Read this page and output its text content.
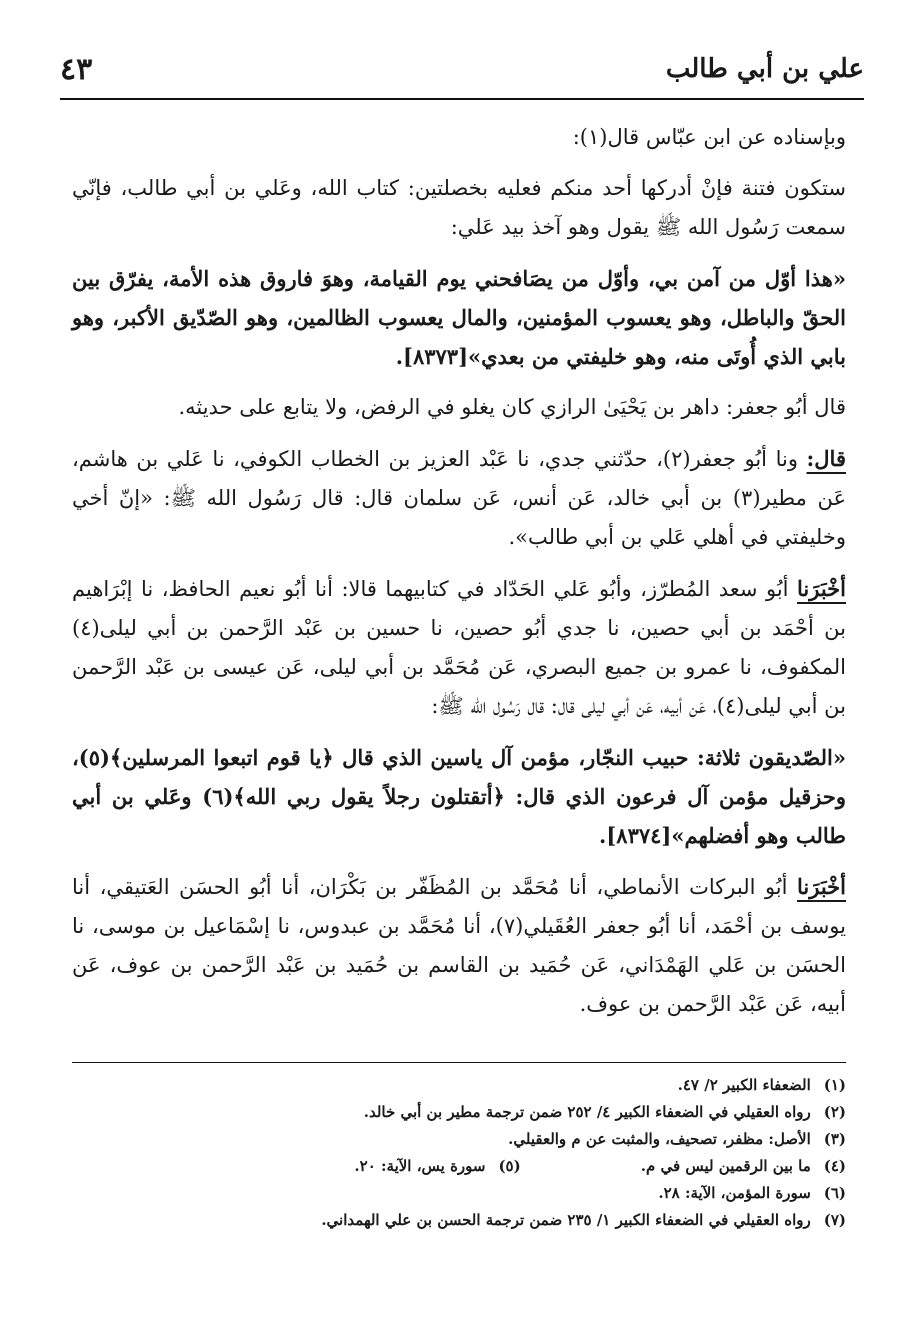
علي بن أبي طالب
٤٣

وبإسناده عن ابن عبّاس قال(١):

ستكون فتنة فإنْ أدركها أحد منكم فعليه بخصلتين: كتاب الله، وعَلي بن أبي طالب، فإنّي سمعت رَسُول الله ﷺ يقول وهو آخذ بيد عَلي:

«هذا أوّل من آمن بي، وأوّل من يصَافحني يوم القيامة، وهوَ فاروق هذه الأمة، يفرّق بين الحقّ والباطل، وهو يعسوب المؤمنين، والمال يعسوب الظالمين، وهو الصّدّيق الأكبر، وهو بابي الذي أُوتَى منه، وهو خليفتي من بعدي»[٨٣٧٣].

قال أبُو جعفر: داهر بن يَحْيَىٰ الرازي كان يغلو في الرفض، ولا يتابع على حديثه.

قال: ونا أبُو جعفر(٢)، حدّثني جدي، نا عَبْد العزيز بن الخطاب الكوفي، نا عَلي بن هاشم، عَن مطير(٣) بن أبي خالد، عَن أنس، عَن سلمان قال: قال رَسُول الله ﷺ: «إنّ أخي وخليفتي في أهلي عَلي بن أبي طالب».

أخْبَرَنا أبُو سعد المُطرّز، وأبُو عَلي الحَدّاد في كتابيهما قالا: أنا أبُو نعيم الحافظ، نا إبْرَاهيم بن أحْمَد بن أبي حصين، نا جدي أبُو حصين، نا حسين بن عَبْد الرَّحمن بن أبي ليلى(٤) المكفوف، نا عمرو بن جميع البصري، عَن مُحَمَّد بن أبي ليلى، عَن عيسى بن عَبْد الرَّحمن بن أبي ليلى(٤)، عَن أبيه، عَن أبي ليلى قال: قال رَسُول الله ﷺ:

«الصّديقون ثلاثة: حبيب النجّار، مؤمن آل ياسين الذي قال ﴿يا قوم اتبعوا المرسلين﴾(٥)، وحزقيل مؤمن آل فرعون الذي قال: ﴿أتقتلون رجلاً يقول ربي الله﴾(٦) وعَلي بن أبي طالب وهو أفضلهم»[٨٣٧٤].

أخْبَرَنا أبُو البركات الأنماطي، أنا مُحَمَّد بن المُظَفّر بن بَكْرَان، أنا أبُو الحسَن العَتيقي، أنا يوسف بن أحْمَد، أنا أبُو جعفر العُقَيلي(٧)، أنا مُحَمَّد بن عبدوس، نا إسْمَاعيل بن موسى، نا الحسَن بن عَلي الهَمْدَاني، عَن حُمَيد بن القاسم بن حُمَيد بن عَبْد الرَّحمن بن عوف، عَن أبيه، عَن عَبْد الرَّحمن بن عوف.

(١) الضعفاء الكبير ٢/ ٤٧.

(٢) رواه العقيلي في الضعفاء الكبير ٤/ ٢٥٢ ضمن ترجمة مطير بن أبي خالد.

(٣) الأصل: مظفر، تصحيف، والمثبت عن م والعقيلي.

(٤) ما بين الرقمين ليس في م.

(٥) سورة يس، الآية: ٢٠.

(٦) سورة المؤمن، الآية: ٢٨.

(٧) رواه العقيلي في الضعفاء الكبير ١/ ٢٣٥ ضمن ترجمة الحسن بن علي الهمداني.
